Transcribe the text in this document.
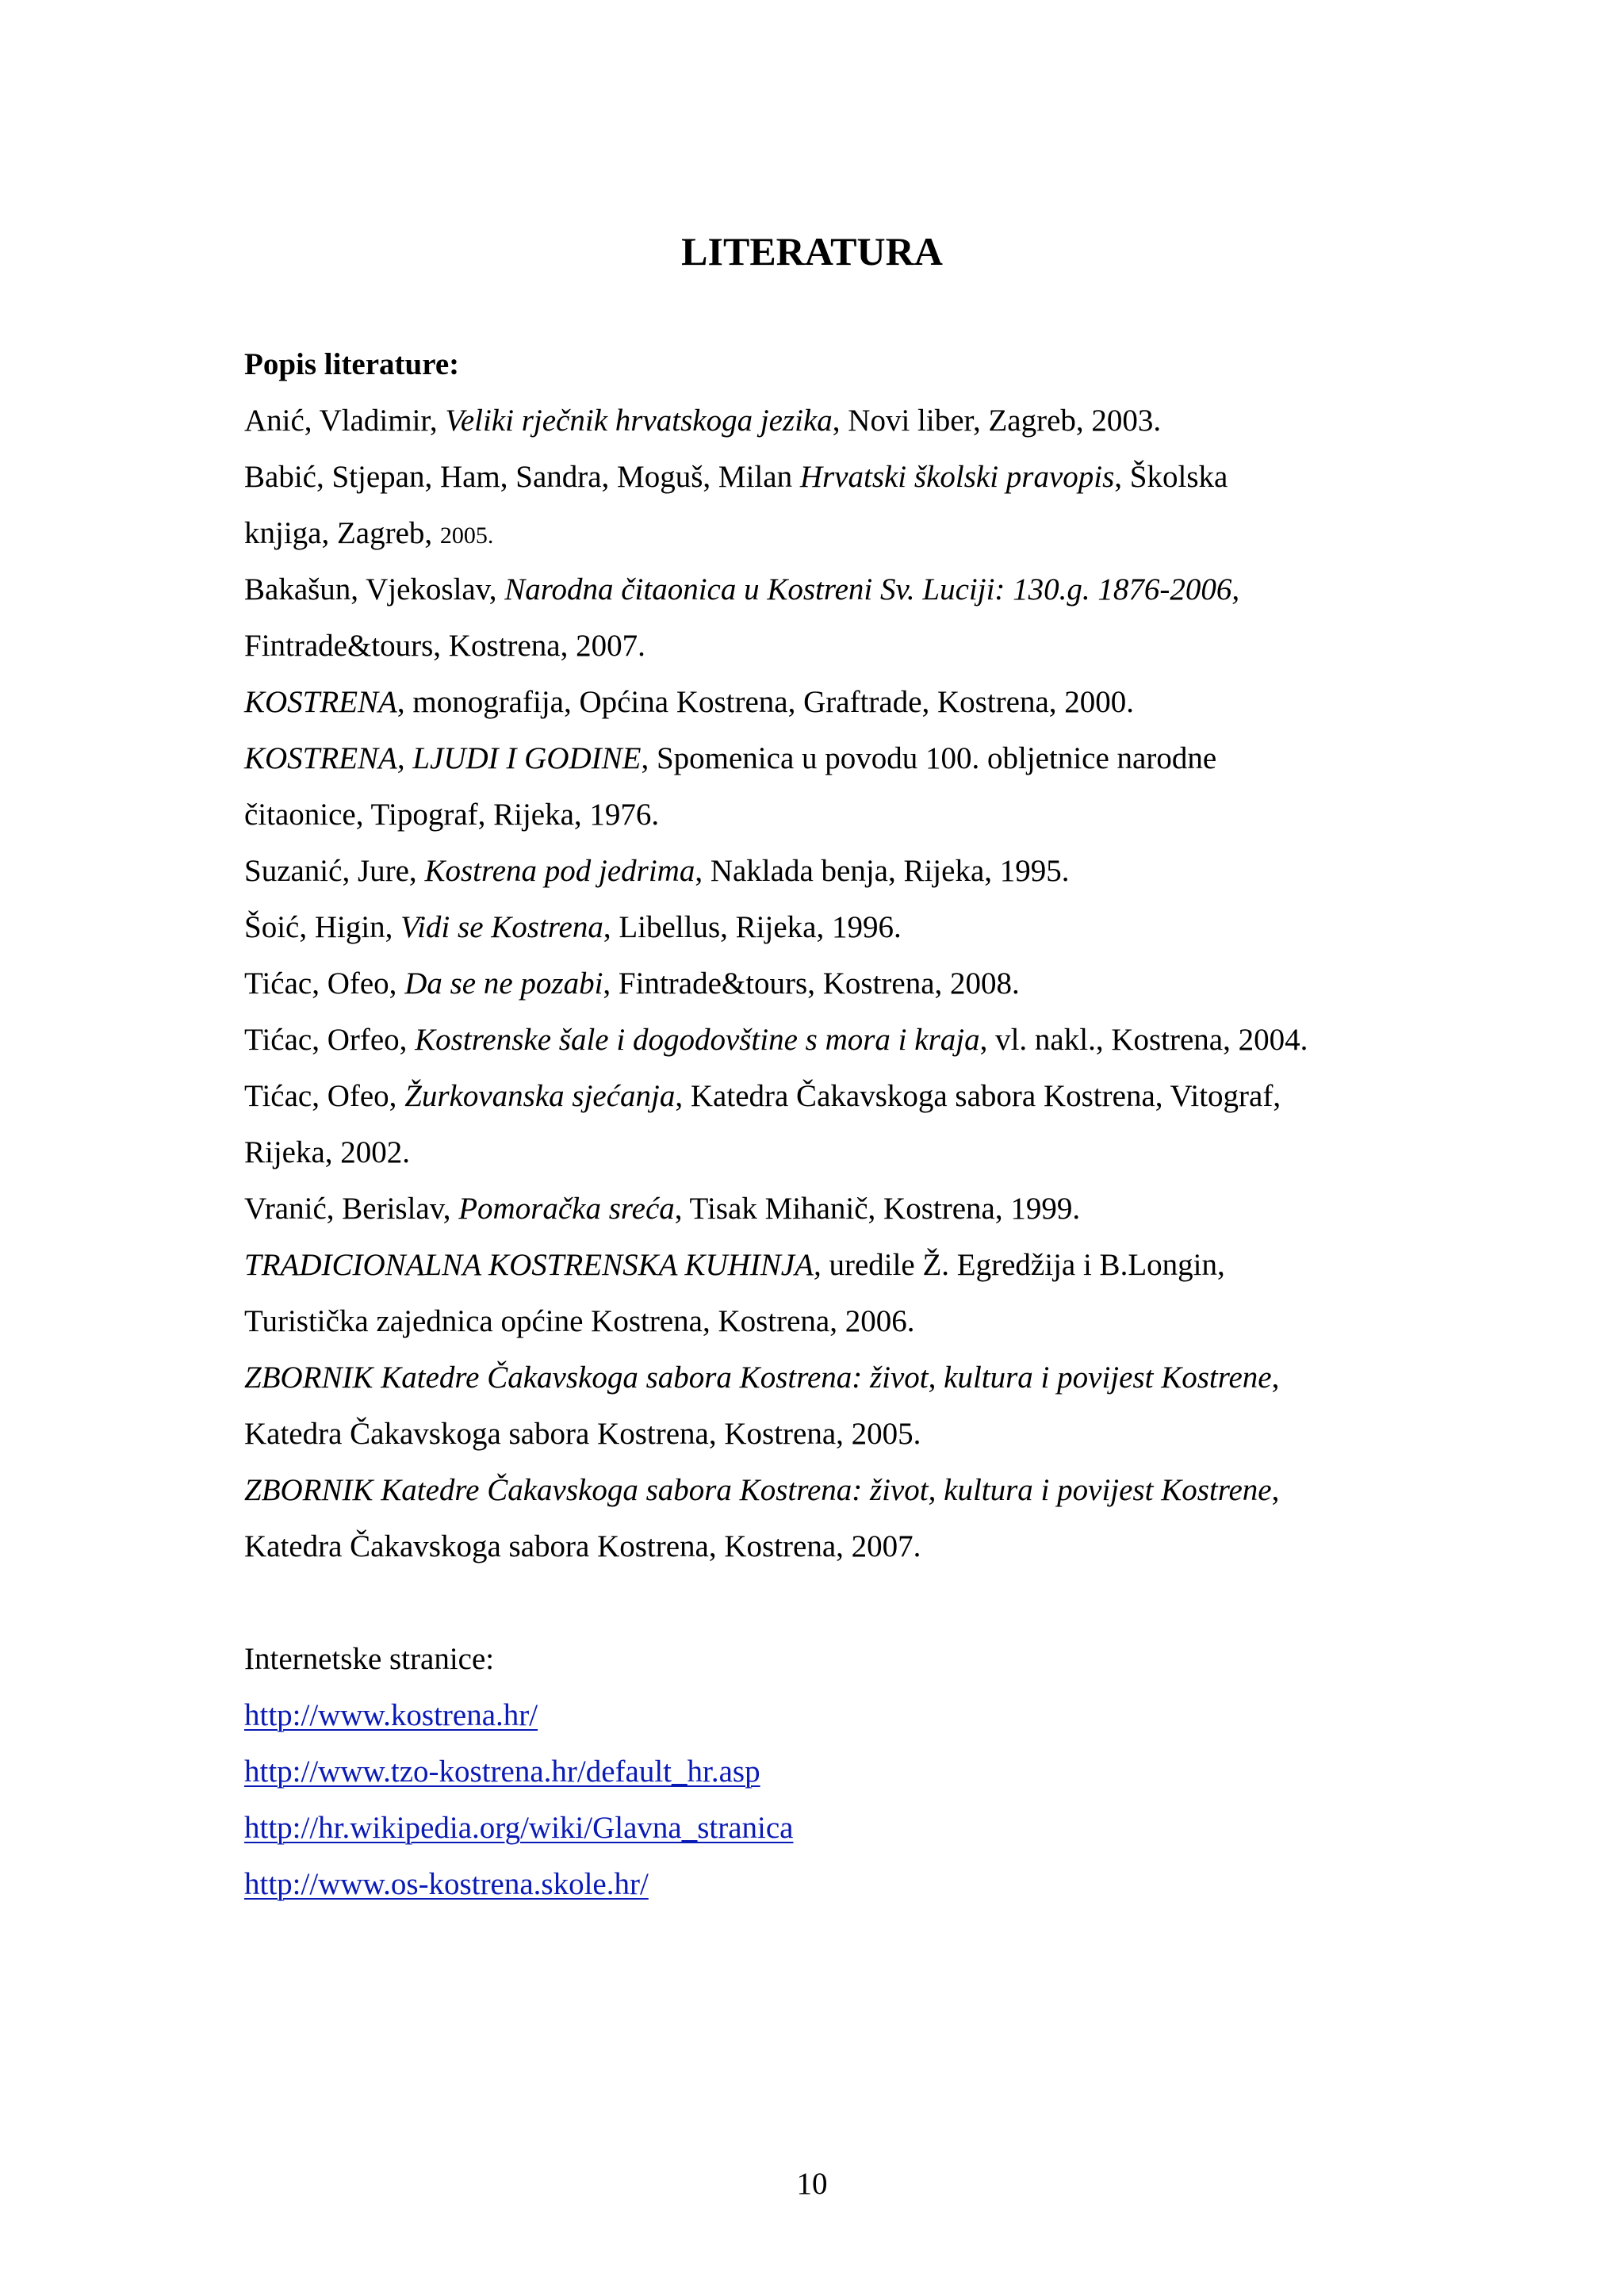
LITERATURA
Popis literature:
Anić, Vladimir, Veliki rječnik hrvatskoga jezika, Novi liber, Zagreb, 2003.
Babić, Stjepan, Ham, Sandra, Moguš, Milan Hrvatski školski pravopis, Školska
knjiga, Zagreb, 2005.
Bakašun, Vjekoslav, Narodna čitaonica u Kostreni Sv. Luciji: 130.g. 1876-2006,
Fintrade&tours, Kostrena, 2007.
KOSTRENA, monografija, Općina Kostrena, Graftrade, Kostrena, 2000.
KOSTRENA, LJUDI I GODINE, Spomenica u povodu 100. obljetnice narodne
čitaonice, Tipograf, Rijeka, 1976.
Suzanić, Jure, Kostrena pod jedrima, Naklada benja, Rijeka, 1995.
Šoić, Higin, Vidi se Kostrena, Libellus, Rijeka, 1996.
Tićac, Ofeo, Da se ne pozabi, Fintrade&tours, Kostrena, 2008.
Tićac, Orfeo, Kostrenske šale i dogodovštine s mora i kraja, vl. nakl., Kostrena, 2004.
Tićac, Ofeo, Žurkovanska sjećanja, Katedra Čakavskoga sabora Kostrena, Vitograf,
Rijeka, 2002.
Vranić, Berislav, Pomoračka sreća, Tisak Mihanič, Kostrena, 1999.
TRADICIONALNA KOSTRENSKA KUHINJA, uredile Ž. Egredžija i B.Longin,
Turistička zajednica općine Kostrena, Kostrena, 2006.
ZBORNIK Katedre Čakavskoga sabora Kostrena: život, kultura i povijest Kostrene,
Katedra Čakavskoga sabora Kostrena, Kostrena, 2005.
ZBORNIK Katedre Čakavskoga sabora Kostrena: život, kultura i povijest Kostrene,
Katedra Čakavskoga sabora Kostrena, Kostrena, 2007.
Internetske stranice:
http://www.kostrena.hr/
http://www.tzo-kostrena.hr/default_hr.asp
http://hr.wikipedia.org/wiki/Glavna_stranica
http://www.os-kostrena.skole.hr/
10
